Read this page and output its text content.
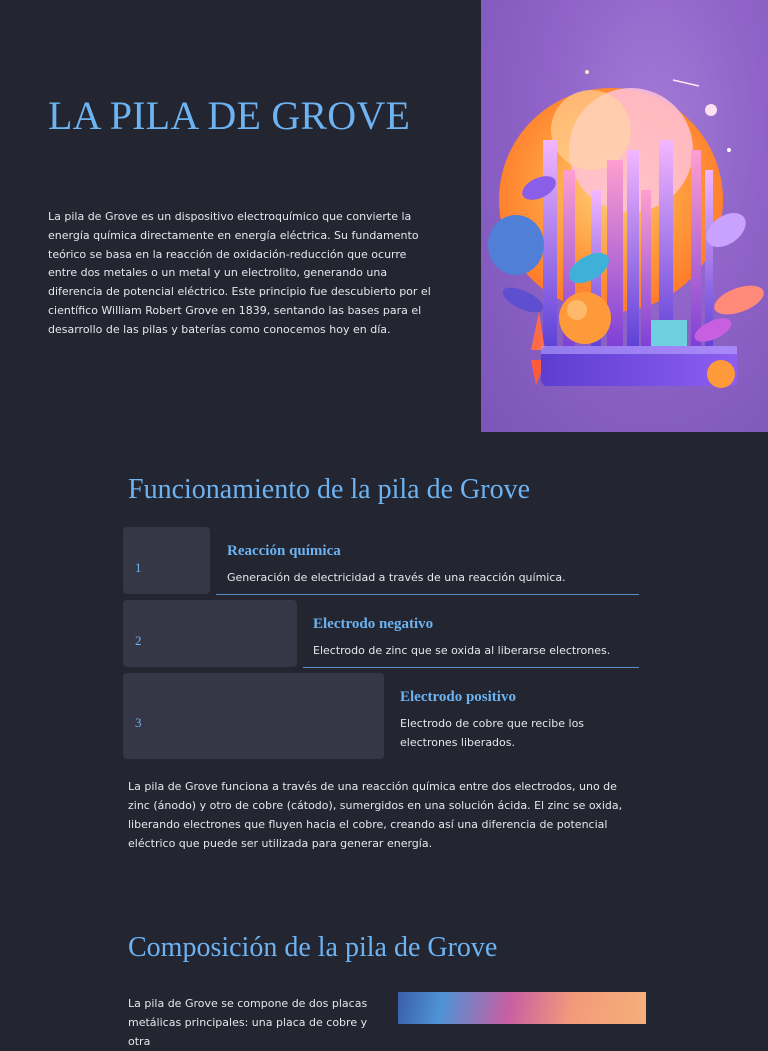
LA PILA DE GROVE

La pila de Grove es un dispositivo electroquímico que convierte la energía química directamente en energía eléctrica. Su fundamento teórico se basa en la reacción de oxidación-reducción que ocurre entre dos metales o un metal y un electrolito, generando una diferencia de potencial eléctrico. Este principio fue descubierto por el científico William Robert Grove en 1839, sentando las bases para el desarrollo de las pilas y baterías como conocemos hoy en día.

Funcionamiento de la pila de Grove
1
Reacción química

Generación de electricidad a través de una reacción química.

2
Electrodo negativo

Electrodo de zinc que se oxida al liberarse electrones.

3
Electrodo positivo

Electrodo de cobre que recibe los electrones liberados.

La pila de Grove funciona a través de una reacción química entre dos electrodos, uno de zinc (ánodo) y otro de cobre (cátodo), sumergidos en una solución ácida. El zinc se oxida, liberando electrones que fluyen hacia el cobre, creando así una diferencia de potencial eléctrico que puede ser utilizada para generar energía.

Composición de la pila de Grove

La pila de Grove se compone de dos placas metálicas principales: una placa de cobre y otra
